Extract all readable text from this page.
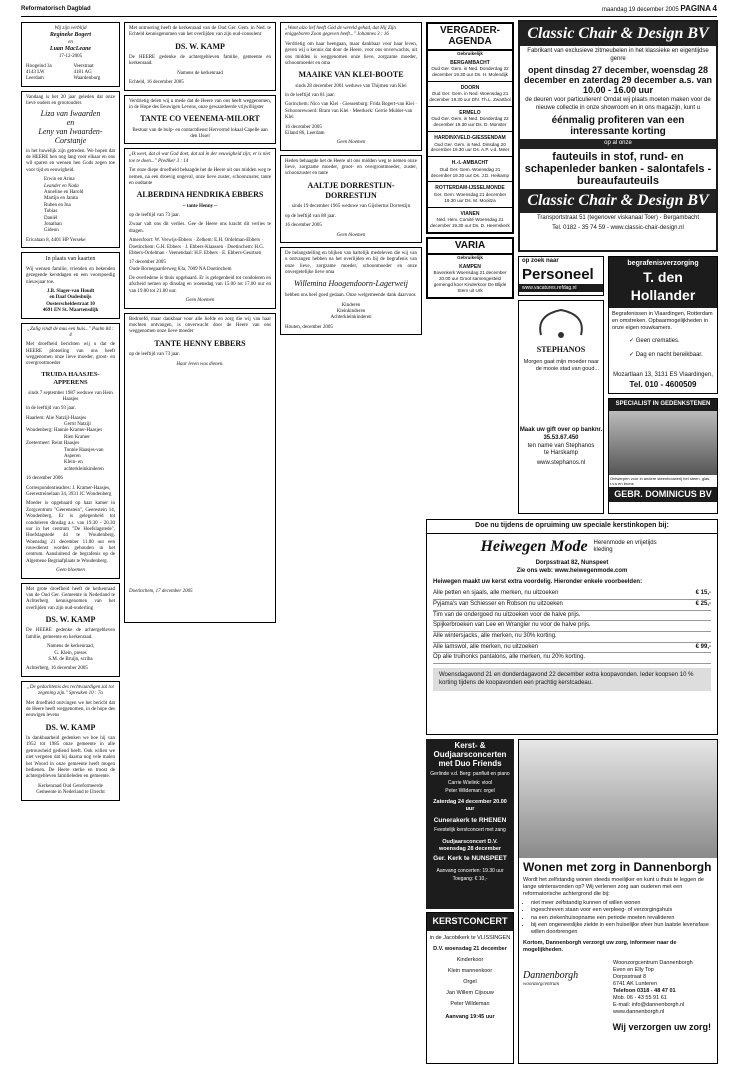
Reformatorisch Dagblad	maandag 19 december 2005 PAGINA 4
Wij zijn verblijd
Regineke Bogert
en
Luan MacLeane
17-12-2005
Hoogeind 3a	Veerstraat
4143 LW	4181 AG
Leerdam	Waardenburg
Vandaag is het 20 jaar geleden dat onze lieve ouders en grootouders
Liza van Iwaarden
en
Leny van Iwaarden-Corstanje
in het huwelijk zijn getreden. We hopen dat de HEERE hen nog lang voor elkaar en ons wil sparen en wensen hen Gods zegen toe voor tijd en eeuwigheid.
Erwin en Arina
Leander en Nada
Anneline en Harold
Martijn en Janita
Ruben en Ina
Tobias
Daniël
Jonathan
Gideon
Ericalaan 8, 4401 HP Yerseke
In plaats van kaarten
Wij wensen familie, vrienden en bekenden gezegende kerstdagen en een voorspoedig nieuwjaar toe.
J.B. Slager-van Houdt
en Daaf Oudeshuijs
Oosterscheldestraat 10
4691 EN St. Maartensdijk
„Zalig vindt de mus een huis..." Psalm 84 : 4
Met droefheid berichten wij u dat de HEERE plotseling van ons heeft weggenomen onze lieve moeder, groot- en overgrootmoeder
TRUIDA HAASJES-APPERENS
sinds 7 september 1987 weduwe van Hein Haasjes
in de leeftijd van 93 jaar.
Haarlem: Alie Natzijl-Haasjes
Gerrit Natzijl
Woudenberg: Hannie Kramer-Haasjes
Rien Kramer
Zoetermeer: Reint Haasjes
Tonnie Haasjes-van Asperen
Klein- en achterkleinkinderen
16 december 2006
Correspondentieadres: J. Kramer-Haasjes, Geerestreinelaan 34, 3931 JC Woudenberg
Moeder is opgebaard op haar kamer in Zorgcentrum "Geerenstein", Geerestein 14, Woudenberg. Er is gelegenheid tot condoleren dinsdag a.s. van 19.30 - 20.30 uur in het centrum "De Hoefslagstede", Hoefslagstede 44 te Woudenberg. Woensdag 21 december 11.00 uur een rouwdienst worden gehouden in het centrum. Aansluitend de begrafenis op de Algemene Begraafplaats te Woudenberg.
Geen bloemen
Met grote droefheid heeft de kerkenraad van de Oud Ger. Gemeente in Nederland te Achterberg kennisgenomen van het overlijden van zijn oud-ouderling
DS. W. KAMP
De HEERE gedenke de achtergebleven familie, gemeente en kerkenraad.
Namens de kerkenraad,
G. Klein, preses
S.M. de Bruijn, scriba
Achterberg, 16 december 2005
„De gedachtenis des rechtvaardigen zal tot zegening zijn." Spreuken 10 : 7a
Met droefheid ontvingen we het bericht dat de Heere heeft weggenomen, in de hope des eeuwigen levens
DS. W. KAMP
In dankbaarheid gedenken we hoe hij van 1952 tot 1985 onze gemeente in alle getrouwheid gediend heeft. Ook willen we niet vergeten dat hij daarna nog vele malen het Woord in onze gemeente heeft mogen bedienen. De Heere sterke en troost de achtergebleven familieleden en gemeente.
Kerkenraad Oud Gereformeerde
Gemeente in Nederland te Utrecht
Met ontroering heeft de kerkenraad van de Oud Ger. Gem. in Ned. te Echteld kennisgenomen van het overlijden van zijn oud-consulent
DS. W. KAMP
De HEERE gedenke de achtergebleven familie, gemeente en kerkenraad.
Namens de kerkenraad
Echteld, 16 december 2005
Verdrietig delen wij u mede dat de Heere van ons heeft weggenomen, in de Hope des Eeuwigen Levens, onze gewaardeerde vrijwilligster
TANTE CO VEENEMA-MILORT
Bestuur van de bulp- en contactdienst Hervormd lokaal Capelle aan den IJssel
„Ik weet, dat al wat God doet, dat zal in der eeuwigheid zijn; er is niet toe te doen..." Prediker 3 : 14
Tot onze diepe droefheid behaagde het de Heere uit ons midden weg te nemen, na een droevig ongeval, onze lieve zuster, schoonzuster, tante en oudtante
ALBERDINA HENDRIKA EBBERS
~ tante Henny ~
op de leeftijd van 73 jaar.
Zwaar valt ons dit verlies. Gee de Heere ons kracht dit verlies te dragen.
Amersfoort: W. Verwijs-Ebbers · Zelhem: E.H. Ordelman-Ebbers · Doetinchem: G.H. Ebbers · J. Ebbers-Klaassen · Doetinchem: H.G. Ebbers-Ordelman · Veenendaal: H.F. Ebbers · E. Ebbers-Geurtsen
17 december 2005
Oude Bornegaarderweg 83a, 7009 NA Doetinchem
De overledene is thuis opgebaard. Er is gelegenheid tot condoleren en afscheid nemen op dinsdag en woensdag van 15.00 tot 17.00 uur en van 19.00 tot 21.00 uur.
Geen bloemen
Bedroefd, maar dankbaar voor alle liefde en zorg die wij van haar mochten ontvangen, is onverwacht door de Heere van ons weggenomen onze lieve moeder
TANTE HENNY EBBERS
op de leeftijd van 73 jaar.
Haar leven was dienen.
Doetinchem, 17 december 2005
„Want alzo lief heeft God de wereld gehad, dat Hij Zijn eniggeboren Zoon gegeven heeft..." Johannes 3 : 16
Verdrietig om haar heengaan, maar dankbaar voor haar leven, geven wij u kennis dat door de Heere, voor ons onverwachts, uit ons midden is weggenomen onze lieve, zorgzame moeder, schoonmoeder en oma
MAAIKE VAN KLEI-BOOTE
sinds 28 december 2001 weduwe van Thijmen van Klei
in de leeftijd van 81 jaar.
Gorinchem: Nico van Klei · Giessenburg: Frida Bogert-van Klei · Schoonrewoerd: Bram van Klei · Meerkerk: Gerrie Mulder-van Klei
16 december 2005
Eiland 86, Leerdam
Geen bloemen
Heden behaagde het de Heere uit ons midden weg te nemen onze lieve, zorgzame moeder, groot- en overgrootmoeder, zuster, schoonzuster en tante
AALTJE DORRESTIJN-DORRESTIJN
sinds 19 december 1965 weduwe van Gijsbertus Dorrestijn
op de leeftijd van 80 jaar.
16 december 2005
Geen bloemen
De belangstelling en blijken van hartelijk medeleven die wij van u ontvangen hebben na het overlijden en bij de begrafenis van onze lieve, zorgzame moeder, schoonmoeder en onze onvergetelijke lieve oma
Willemina Hoogendoorn-Lagerweij
hebben ons heel goed gedaan. Onze welgemeende dank daarvoor.
Kinderen
Kleinkinderen
Achterkleinkinderen
Houten, december 2005
VERGADER-AGENDA
Gebruikelijk
BERGAMBACHT
Oud Ger. Gem. in Ned. Donderdag 22 december 19.30 uur Ds. H. Molendijk
DOORN
Oud Ger. Gem. in Ned. Woensdag 21 december 19.30 uur Dhr. Th.L. Zwartbol
ERMELO
Oud Ger. Gem. in Ned. Donderdag 22 december 19.30 uur Ds. D. Monster
HARDINXVELD-GIESSENDAM
Oud Ger. Gem. in Ned. Dinsdag 20 december 19.30 uur Ds. A.P. v.d. Meer
H.-I.-AMBACHT
Oud Ger. Gem. Woensdag 21 december 19.30 uur Ds. J.D. Heikamp
ROTTERDAM-IJSSELMONDE
Ger. Gem. Woensdag 21 december 19.30 uur Ds. M. Mooitza
VIANEN
Ned. Herv. Comité Woensdag 21 december 19.30 uur Ds. D. Heemskerk
VARIA
Gebruikelijk
KAMPEN
Bovenkerk Woensdag 21 december 20.00 uur Groot samengesteld gemengd koor Kinderkoor De Blijde Stem uit Urk
Classic Chair & Design BV

Fabrikant van exclusieve zitmeubelen in het klassieke en eigentijdse genre

opent dinsdag 27 december, woensdag 28 december en zaterdag 29 december a.s. van 10.00 - 16.00 uur

de deuren voor particulieren! Omdat wij plaats moeten maken voor de nieuwe collectie in onze showroom en in ons magazijn, kunt u

éénmalig profiteren van een interessante korting
op al onze
fauteuils in stof, rund- en schapenleder banken - salontafels - bureaufauteuils
Classic Chair & Design BV

Transportstraat 51 (tegenover viskanaal Toer) - Bergambacht

Tel. 0182 - 35 74 59 - www.classic-chair-design.nl

op zoek naar
Personeel
www.vacatures.refdag.nl
begrafenisverzorging
T. den Hollander
Begrafenissen in Vlaardingen, Rotterdam en omstreken. Opbaarmogelijkheden in onze eigen rouwkamers.
✓ Geen crematies.
✓ Dag en nacht bereikbaar.
Mozartlaan 13, 3131 ES Vlaardingen,
Tel. 010 - 4600509
STEPHANOS
Morgen gaat mijn moeder naar de mooie stad van goud...
Maak uw gift over op banknr.
35.53.67.450
ten name van Stephanos
te Harskamp
www.stephanos.nl
SPECIALIST IN GEDENKSTENEN
Ontwerpen voor in andere steenhouwerij het steen, glas, r.v.s en brons
GEBR. DOMINICUS BV
Doe nu tijdens de opruiming uw speciale kerstinkopen bij:
Heiwegen Mode Herenmode en vrijetijds kleding
Dorpsstraat 82, Nunspeet
Zie ons web: www.heiwegenmode.com
Heiwegen maakt uw kerst extra voordelig. Hieronder enkele voorbeelden:
Alle petten en sjaals, alle merken, nu uitzoeken	€ 15,-
Pyjama's van Schiesser en Robson nu uitzoeken	€ 25,-
Tim van de ondergoed nu uitzoeken voor de halve prijs.
Spijkerbroeken van Lee en Wrangler nu voor de halve prijs.
Alle wintersjacks, alle merken, nu 30% korting.
Alle lamswol, alle merken, nu uitzoeken	€ 99,-
Op alle truihonks pantalons, alle merken, nu 20% korting.
Woensdagavond 21 en donderdagavond 22 december extra koopavonden. Ieder koopsen 10 % korting tijdens de koopavonden een prachtig kerstcadeau.
Kerst- & Oudjaarsconcerten met Duo Friends
Gerlinde v.d. Berg: panfluit en piano
Carrie Wielink: viool
Peter Wildeman: orgel
Zaterdag 24 december 20.00 uur
Cunerakerk te RHENEN
Feestelijk kerstconcert met zang
Oudjaarsconcert D.V. woensdag 28 december
Ger. Kerk te NUNSPEET
Aanvang concerten: 19.30 uur
Toegang: € 10,-
KERSTCONCERT
in de Jacobikerk te VLISSINGEN
D.V. woensdag 21 december
Kinderkoor
Klein mannenkoor
Orgel
Jan Willem Cijsouw
Peter Wildeman
Aanvang 19:45 uur
Wonen met zorg in Dannenborgh
Wordt het zelfstandig wonen steeds moeilijker en kunt u thuis te leggen de lange winteravonden op? Wij verlenen zorg aan ouderen met een reformatorische achtergrond die bij:
• niet meer zelfstandig kunnen of willen wonen
• ingeschreven staan voor een verpleeg- of verzorgingshuis
• na een ziekenhuisopname een periode moeten revalideren
• bij een ongeneeslijke ziekte in een huiselijke sfeer hun laatste levensfase willen doorbrengen
Kortom, Dannenborgh verzorgt uw zorg, informeer naar de mogelijkheden.
Dannenborgh
woonzorgcentrum
Woonzorgcentrum Dannenborgh
Even en Elly Top
Dorpsstraat 8
6741 AK Lunteren
Telefoon 0318 - 48 47 01
Mob. 06 - 43 55 91 61
E-mail: info@dannenborgh.nl
www.dannenborgh.nl
Wij verzorgen uw zorg!
